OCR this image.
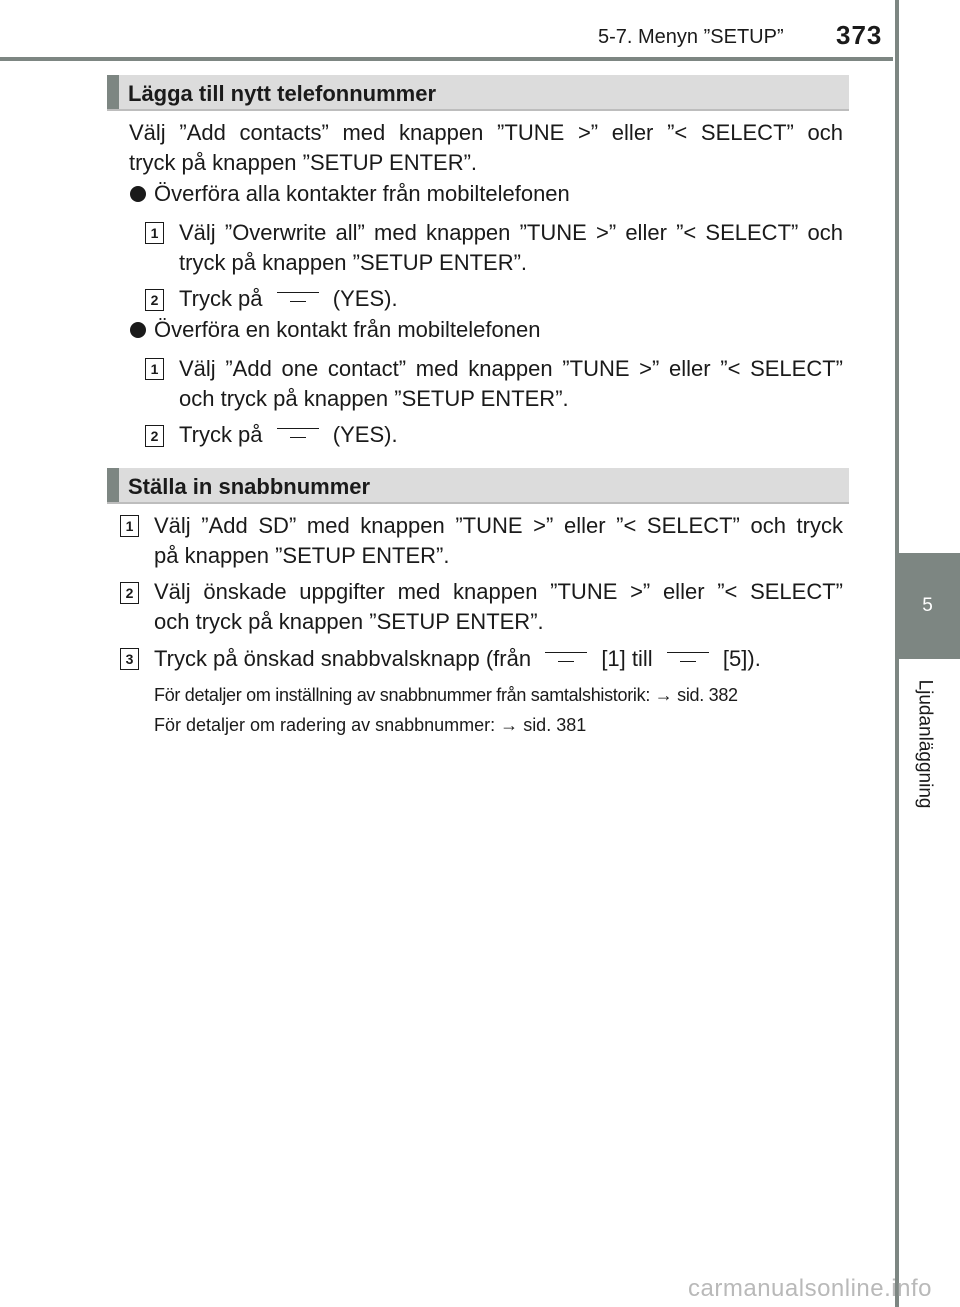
5-7. Menyn ”SETUP” 373
5
Ljudanläggning
Lägga till nytt telefonnummer
Välj ”Add contacts” med knappen ”TUNE >” eller ”< SELECT” och
tryck på knappen ”SETUP ENTER”.
Överföra alla kontakter från mobiltelefonen
1 Välj ”Overwrite all” med knappen ”TUNE >” eller ”< SELECT” och
tryck på knappen ”SETUP ENTER”.
2 Tryck på	(YES).
Överföra en kontakt från mobiltelefonen
1 Välj ”Add one contact” med knappen ”TUNE >” eller ”< SELECT”
och tryck på knappen ”SETUP ENTER”.
2 Tryck på	(YES).
Ställa in snabbnummer
1 Välj ”Add SD” med knappen ”TUNE >” eller ”< SELECT” och tryck
på knappen ”SETUP ENTER”.
2 Välj önskade uppgifter med knappen ”TUNE >” eller ”< SELECT”
och tryck på knappen ”SETUP ENTER”.
3 Tryck på önskad snabbvalsknapp (från	[1] till	[5]).
För detaljer om inställning av snabbnummer från samtalshistorik: → sid. 382
För detaljer om radering av snabbnummer: → sid. 381
carmanualsonline.info
